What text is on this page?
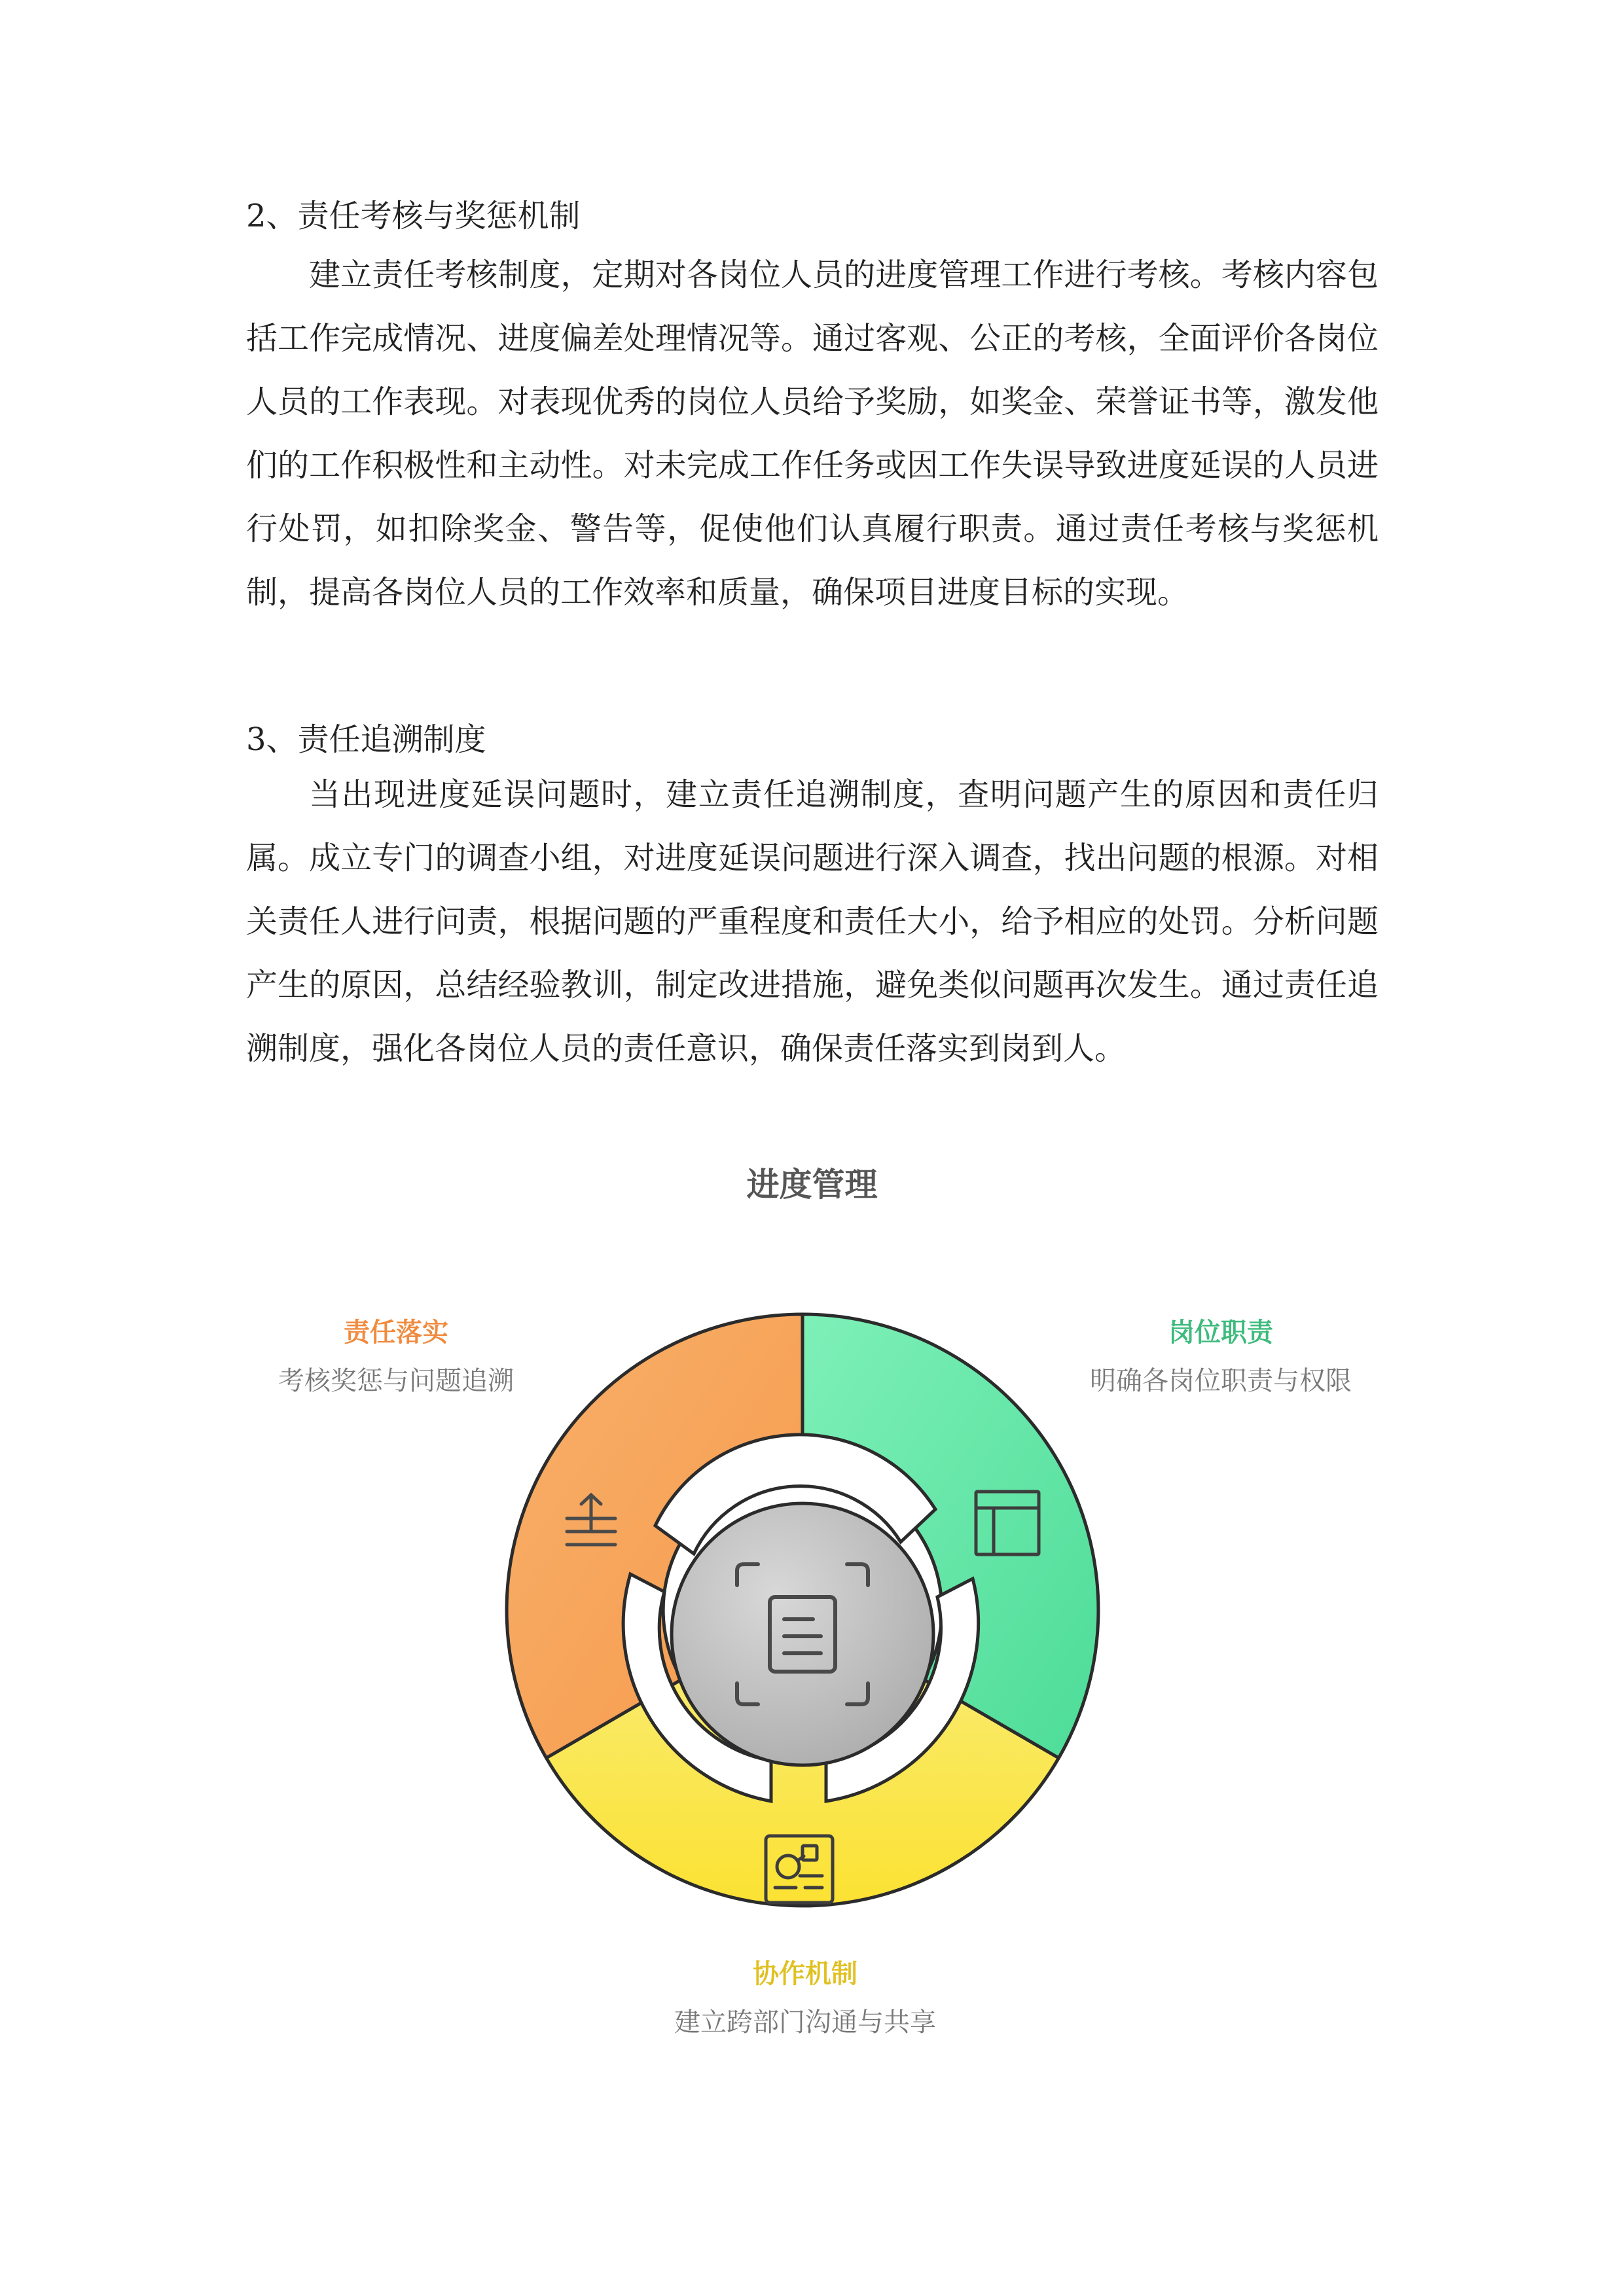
2、责任考核与奖惩机制

建立责任考核制度，定期对各岗位人员的进度管理工作进行考核。考核内容包括工作完成情况、进度偏差处理情况等。通过客观、公正的考核，全面评价各岗位人员的工作表现。对表现优秀的岗位人员给予奖励，如奖金、荣誉证书等，激发他们的工作积极性和主动性。对未完成工作任务或因工作失误导致进度延误的人员进行处罚，如扣除奖金、警告等，促使他们认真履行职责。通过责任考核与奖惩机制，提高各岗位人员的工作效率和质量，确保项目进度目标的实现。

3、责任追溯制度

当出现进度延误问题时，建立责任追溯制度，查明问题产生的原因和责任归属。成立专门的调查小组，对进度延误问题进行深入调查，找出问题的根源。对相关责任人进行问责，根据问题的严重程度和责任大小，给予相应的处罚。分析问题产生的原因，总结经验教训，制定改进措施，避免类似问题再次发生。通过责任追溯制度，强化各岗位人员的责任意识，确保责任落实到岗到人。

进度管理

责任落实

考核奖惩与问题追溯

岗位职责

明确各岗位职责与权限

协作机制

建立跨部门沟通与共享
